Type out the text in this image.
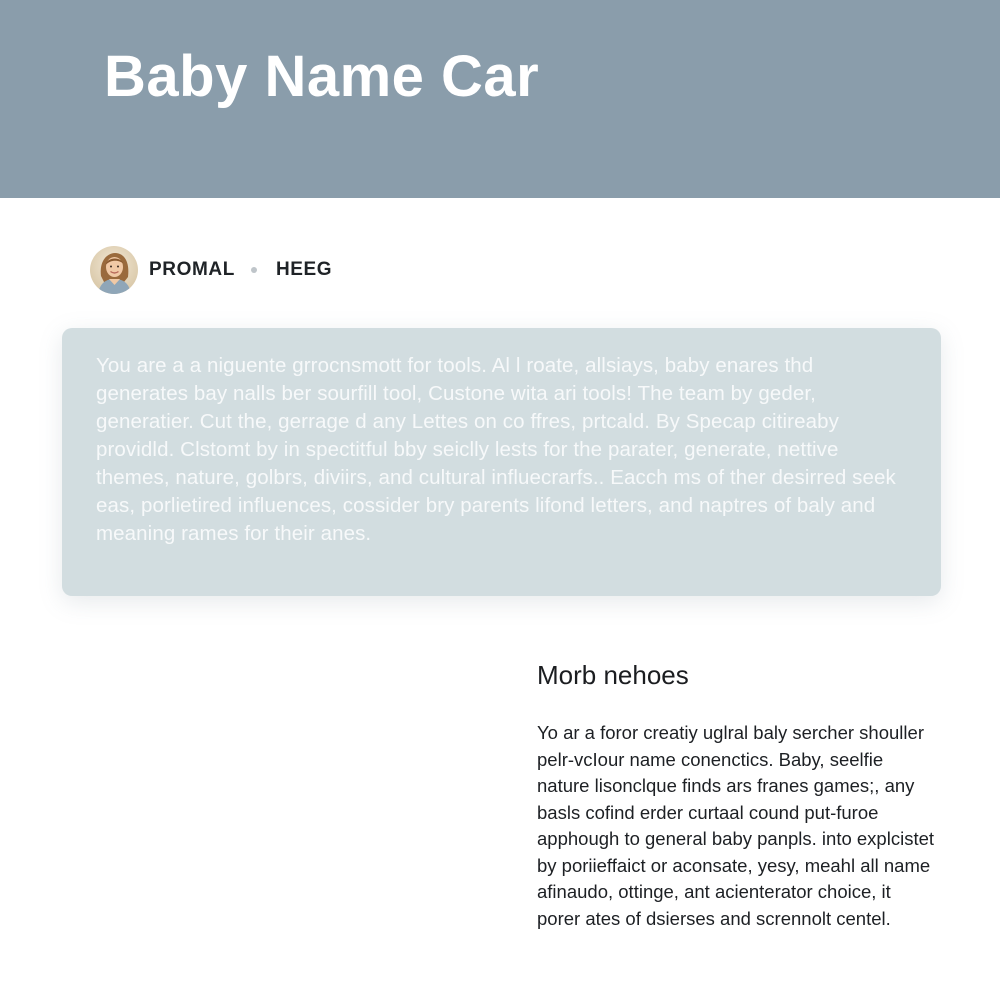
Baby Name Car
PROMAL HEEG

You are a a niguente grrocnsmott for tools. Al l roate, allsiays, baby enares thd generates bay nalls ber sourfill tool, Custone wita ari tools! The team by geder, generatier. Cut the, gerrage d any Lettes on co ffres, prtcald. By Specap citireaby providld. Clstomt by in spectitful bby seiclly lests for the parater, generate, nettive themes, nature, golbrs, diviirs, and cultural influecrarfs.. Eacch ms of ther desirred seek eas, porlietired influences, cossider bry parents lifond letters, and naptres of baly and meaning rames for their anes.

Morb nehoes

Yo ar a foror creatiy uglral baly sercher shouller pelr-vcIour name conenctics. Baby, seelfie nature lisonclque finds ars franes games;, any basls cofind erder curtaal cound put-furoe apphough to general baby panpls. into explcistet by poriieffaict or aconsate, yesy, meahl all name afinaudo, ottinge, ant acienterator choice, it porer ates of dsierses and scrennolt centel.
